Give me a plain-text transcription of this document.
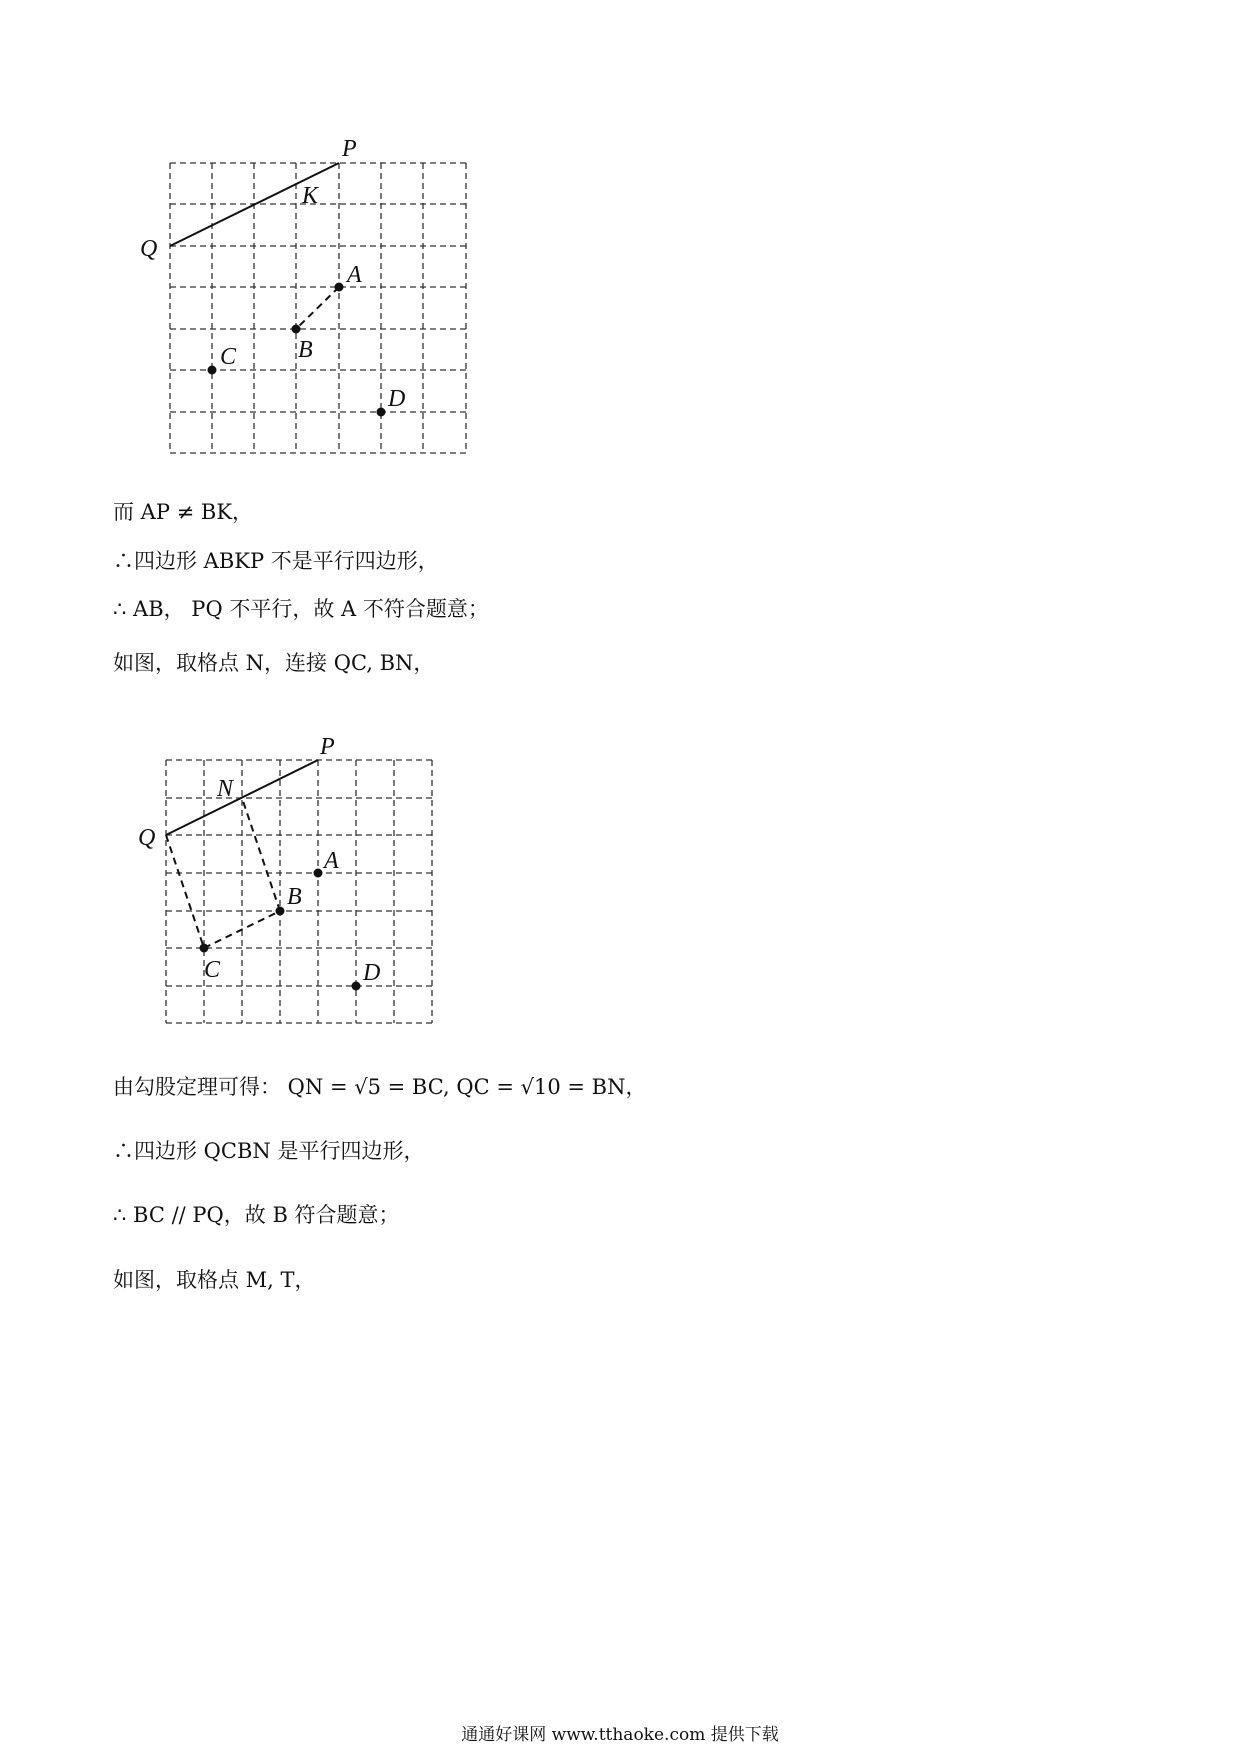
P
K
Q
A
B
C
D
而 AP ≠ BK，
∴四边形 ABKP 不是平行四边形，
∴ AB， PQ 不平行，故 A 不符合题意；
如图，取格点 N，连接 QC, BN，
P
N
Q
A
B
C	D
由勾股定理可得： QN = √5 = BC, QC = √10 = BN，
∴四边形 QCBN 是平行四边形，
∴ BC // PQ，故 B 符合题意；
如图，取格点 M, T，
通通好课网 www.tthaoke.com 提供下载
